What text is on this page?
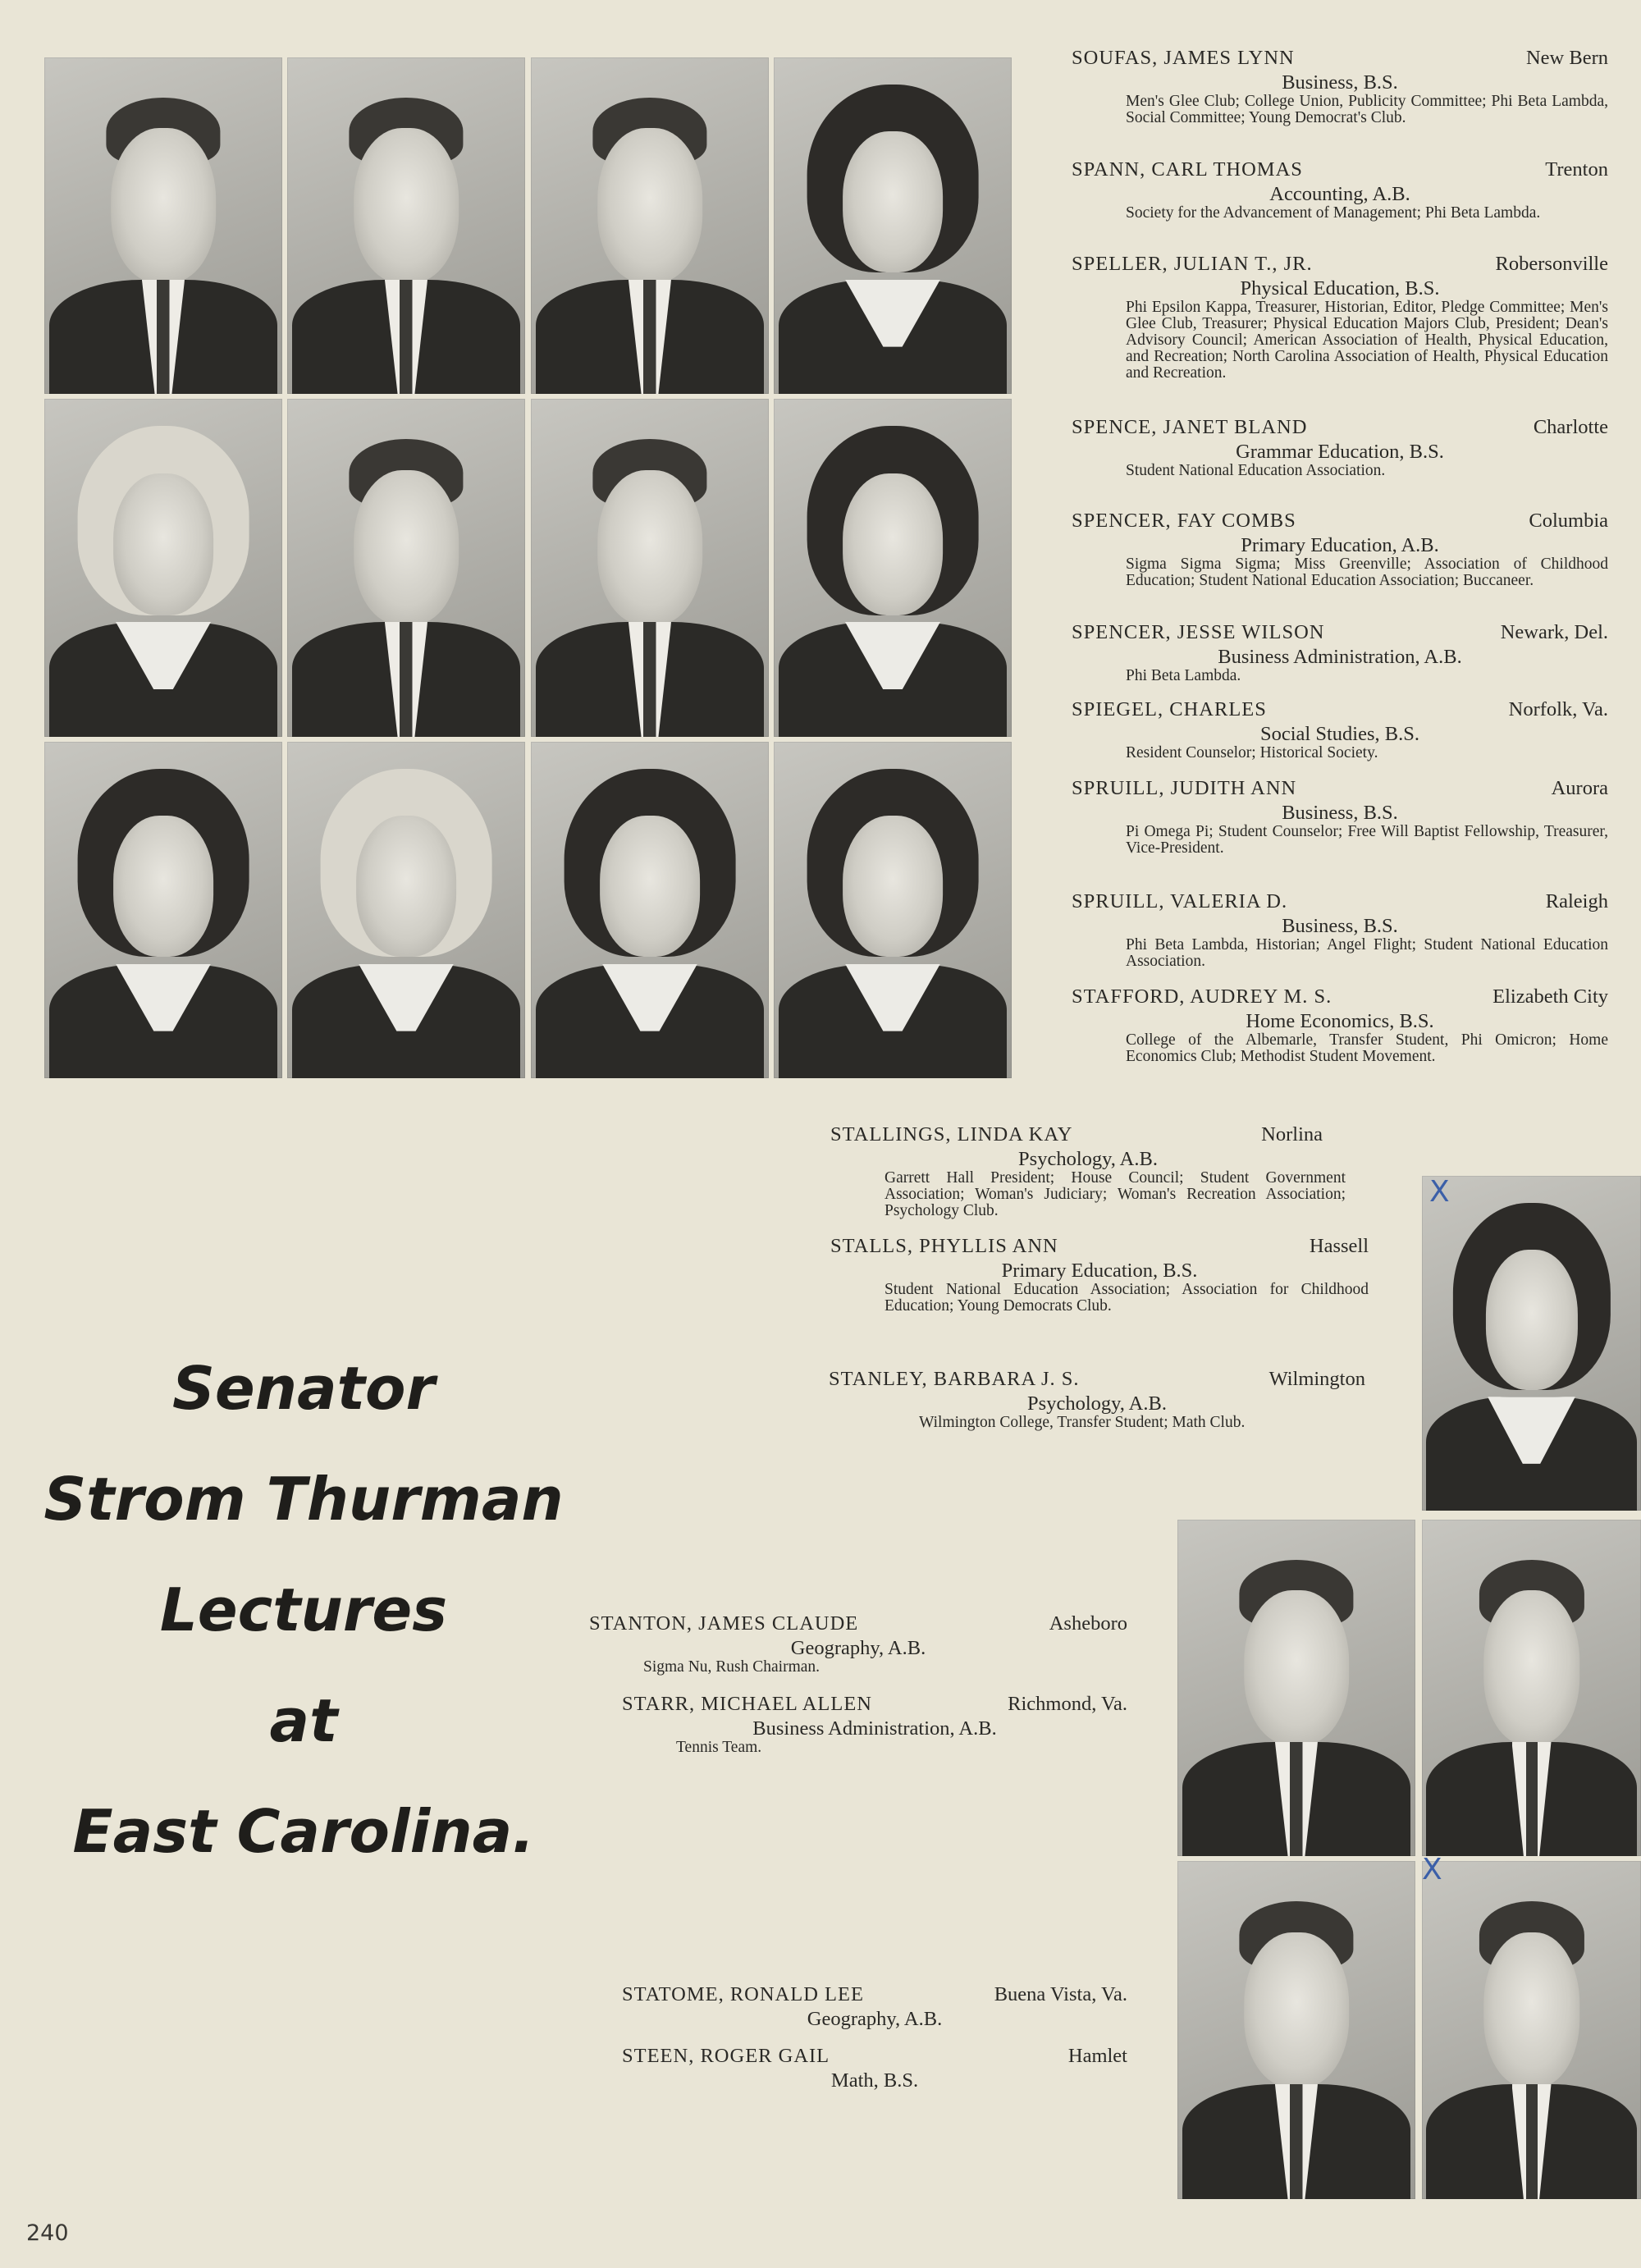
X
X
SOUFAS, JAMES LYNN	New Bern
Business, B.S.
Men's Glee Club; College Union, Publicity Committee; Phi Beta Lambda, Social Committee; Young Democrat's Club.
SPANN, CARL THOMAS	Trenton
Accounting, A.B.
Society for the Advancement of Management; Phi Beta Lambda.
SPELLER, JULIAN T., JR.	Robersonville
Physical Education, B.S.
Phi Epsilon Kappa, Treasurer, Historian, Editor, Pledge Committee; Men's Glee Club, Treasurer; Physical Education Majors Club, President; Dean's Advisory Council; American Association of Health, Physical Education, and Recreation; North Carolina Association of Health, Physical Education and Recreation.
SPENCE, JANET BLAND	Charlotte
Grammar Education, B.S.
Student National Education Association.
SPENCER, FAY COMBS	Columbia
Primary Education, A.B.
Sigma Sigma Sigma; Miss Greenville; Association of Childhood Education; Student National Education Association; Buccaneer.
SPENCER, JESSE WILSON	Newark, Del.
Business Administration, A.B.
Phi Beta Lambda.
SPIEGEL, CHARLES	Norfolk, Va.
Social Studies, B.S.
Resident Counselor; Historical Society.
SPRUILL, JUDITH ANN	Aurora
Business, B.S.
Pi Omega Pi; Student Counselor; Free Will Baptist Fellowship, Treasurer, Vice-President.
SPRUILL, VALERIA D.	Raleigh
Business, B.S.
Phi Beta Lambda, Historian; Angel Flight; Student National Education Association.
STAFFORD, AUDREY M. S.	Elizabeth City
Home Economics, B.S.
College of the Albemarle, Transfer Student, Phi Omicron; Home Economics Club; Methodist Student Movement.
STALLINGS, LINDA KAY	Norlina
Psychology, A.B.
Garrett Hall President; House Council; Student Government Association; Woman's Judiciary; Woman's Recreation Association; Psychology Club.
STALLS, PHYLLIS ANN	Hassell
Primary Education, B.S.
Student National Education Association; Association for Childhood Education; Young Democrats Club.
STANLEY, BARBARA J. S.	Wilmington
Psychology, A.B.
Wilmington College, Transfer Student; Math Club.
STANTON, JAMES CLAUDE	Asheboro
Geography, A.B.
Sigma Nu, Rush Chairman.
STARR, MICHAEL ALLEN	Richmond, Va.
Business Administration, A.B.
Tennis Team.
STATOME, RONALD LEE	Buena Vista, Va.
Geography, A.B.
STEEN, ROGER GAIL	Hamlet
Math, B.S.
Senator
Strom Thurman
Lectures
at
East Carolina.
240
